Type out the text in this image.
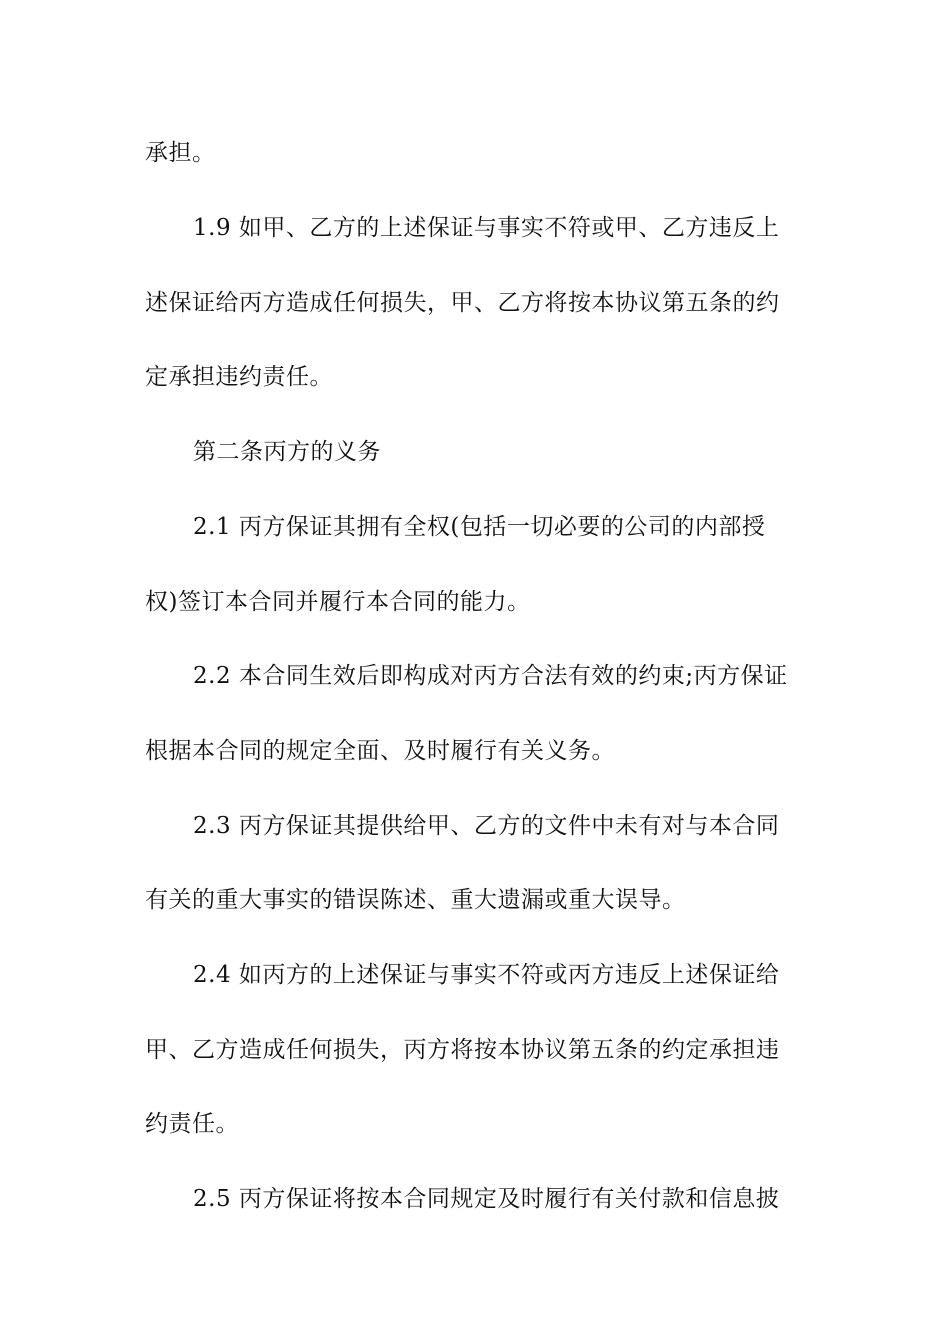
承担。
1.9 如甲、乙方的上述保证与事实不符或甲、乙方违反上
述保证给丙方造成任何损失，甲、乙方将按本协议第五条的约
定承担违约责任。
第二条丙方的义务
2.1 丙方保证其拥有全权(包括一切必要的公司的内部授
权)签订本合同并履行本合同的能力。
2.2 本合同生效后即构成对丙方合法有效的约束;丙方保证
根据本合同的规定全面、及时履行有关义务。
2.3 丙方保证其提供给甲、乙方的文件中未有对与本合同
有关的重大事实的错误陈述、重大遗漏或重大误导。
2.4 如丙方的上述保证与事实不符或丙方违反上述保证给
甲、乙方造成任何损失，丙方将按本协议第五条的约定承担违
约责任。
2.5 丙方保证将按本合同规定及时履行有关付款和信息披
